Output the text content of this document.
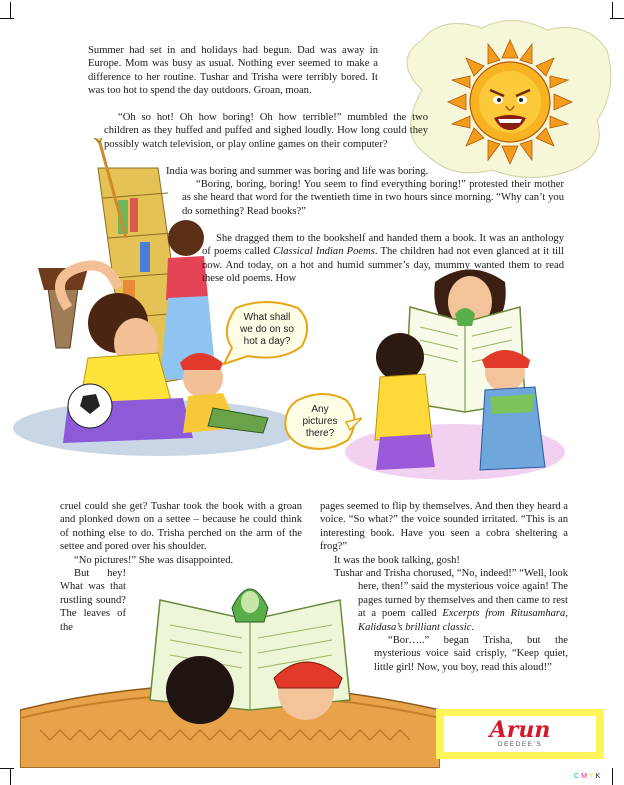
What shall
we do on so
hot a day?
Any
pictures
there?

Summer had set in and holidays had begun. Dad was away in Europe. Mom was busy as usual. Nothing ever seemed to make a difference to her routine. Tushar and Trisha were terribly bored. It was too hot to spend the day outdoors. Groan, moan.

“Oh so hot! Oh how boring! Oh how terrible!” mumbled the two children as they huffed and puffed and sighed loudly. How long could they possibly watch television, or play online games on their computer?

India was boring and summer was boring and life was boring.

“Boring, boring, boring! You seem to find everything boring!” protested their mother as she heard that word for the twentieth time in two hours since morning. “Why can’t you do something? Read books?”

She dragged them to the bookshelf and handed them a book. It was an anthology of poems called Classical Indian Poems. The children had not even glanced at it till now. And today, on a hot and humid summer’s day, mummy wanted them to read these old poems. How

cruel could she get? Tushar took the book with a groan and plonked down on a settee – because he could think of nothing else to do. Trisha perched on the arm of the settee and pored over his shoulder.

“No pictures!” She was disappointed.

But hey! What was that rustling sound? The leaves of the

pages seemed to flip by themselves. And then they heard a voice. “So what?” the voice sounded irritated. “This is an interesting book. Have you seen a cobra sheltering a frog?”

It was the book talking, gosh!

Tushar and Trisha chorused, “No, indeed!” “Well, look here, then!” said the mysterious voice again! The pages turned by themselves and then came to rest at a poem called Excerpts from Ritusamhara, Kalidasa’s brilliant classic.

“Bor…..” began Trisha, but the mysterious voice said crisply, “Keep quiet, little girl! Now, you boy, read this aloud!”

Arun
DEEDEE'S
CMYK
